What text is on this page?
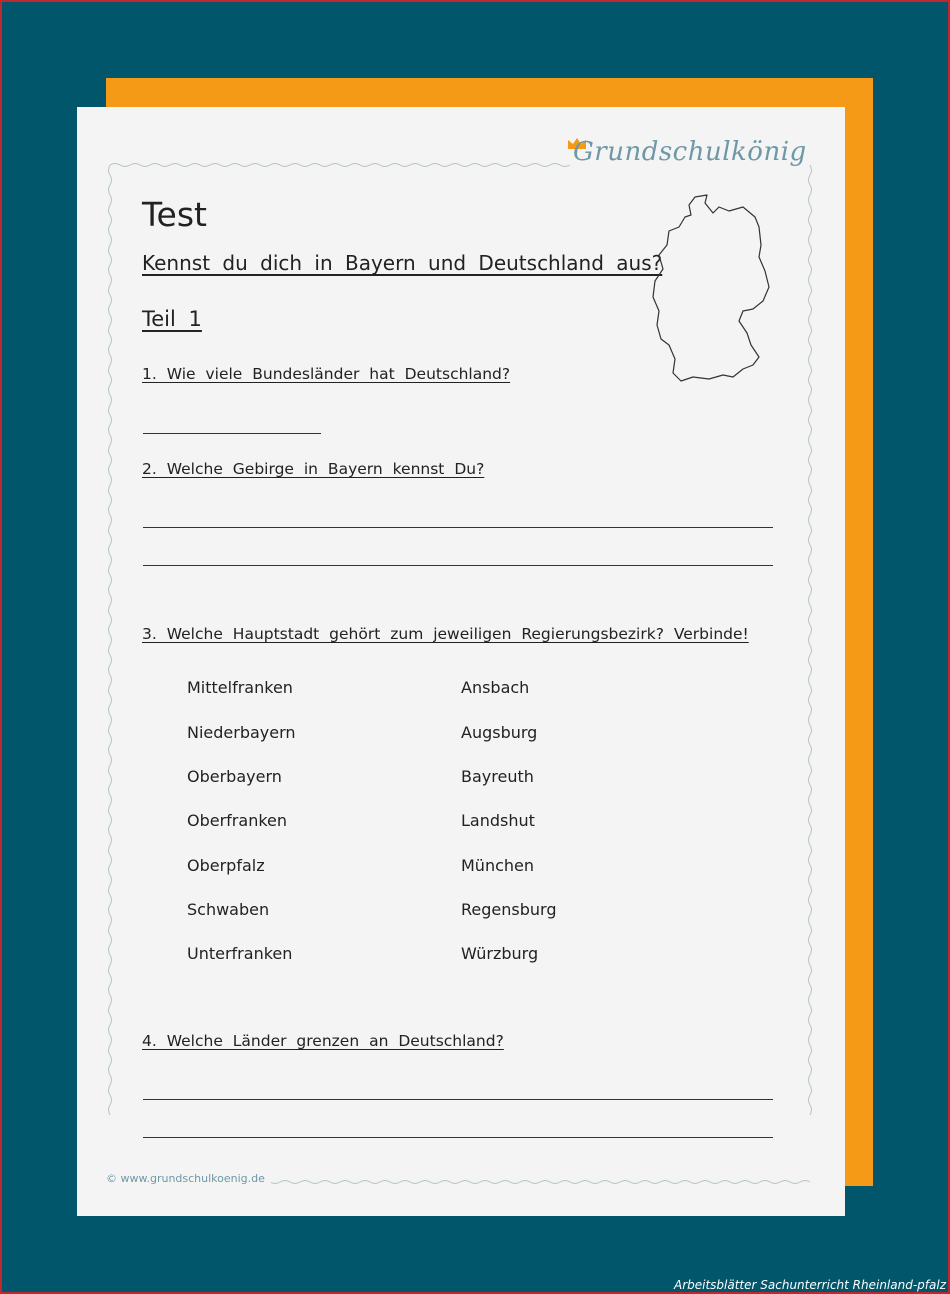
Grundschulkönig
Test
Kennst du dich in Bayern und Deutschland aus?
Teil 1
1. Wie viele Bundesländer hat Deutschland?
2. Welche Gebirge in Bayern kennst Du?
3. Welche Hauptstadt gehört zum jeweiligen Regierungsbezirk? Verbinde!
Mittelfranken
Niederbayern
Oberbayern
Oberfranken
Oberpfalz
Schwaben
Unterfranken
Ansbach
Augsburg
Bayreuth
Landshut
München
Regensburg
Würzburg
4. Welche Länder grenzen an Deutschland?
© www.grundschulkoenig.de
Arbeitsblätter Sachunterricht Rheinland-pfalz
